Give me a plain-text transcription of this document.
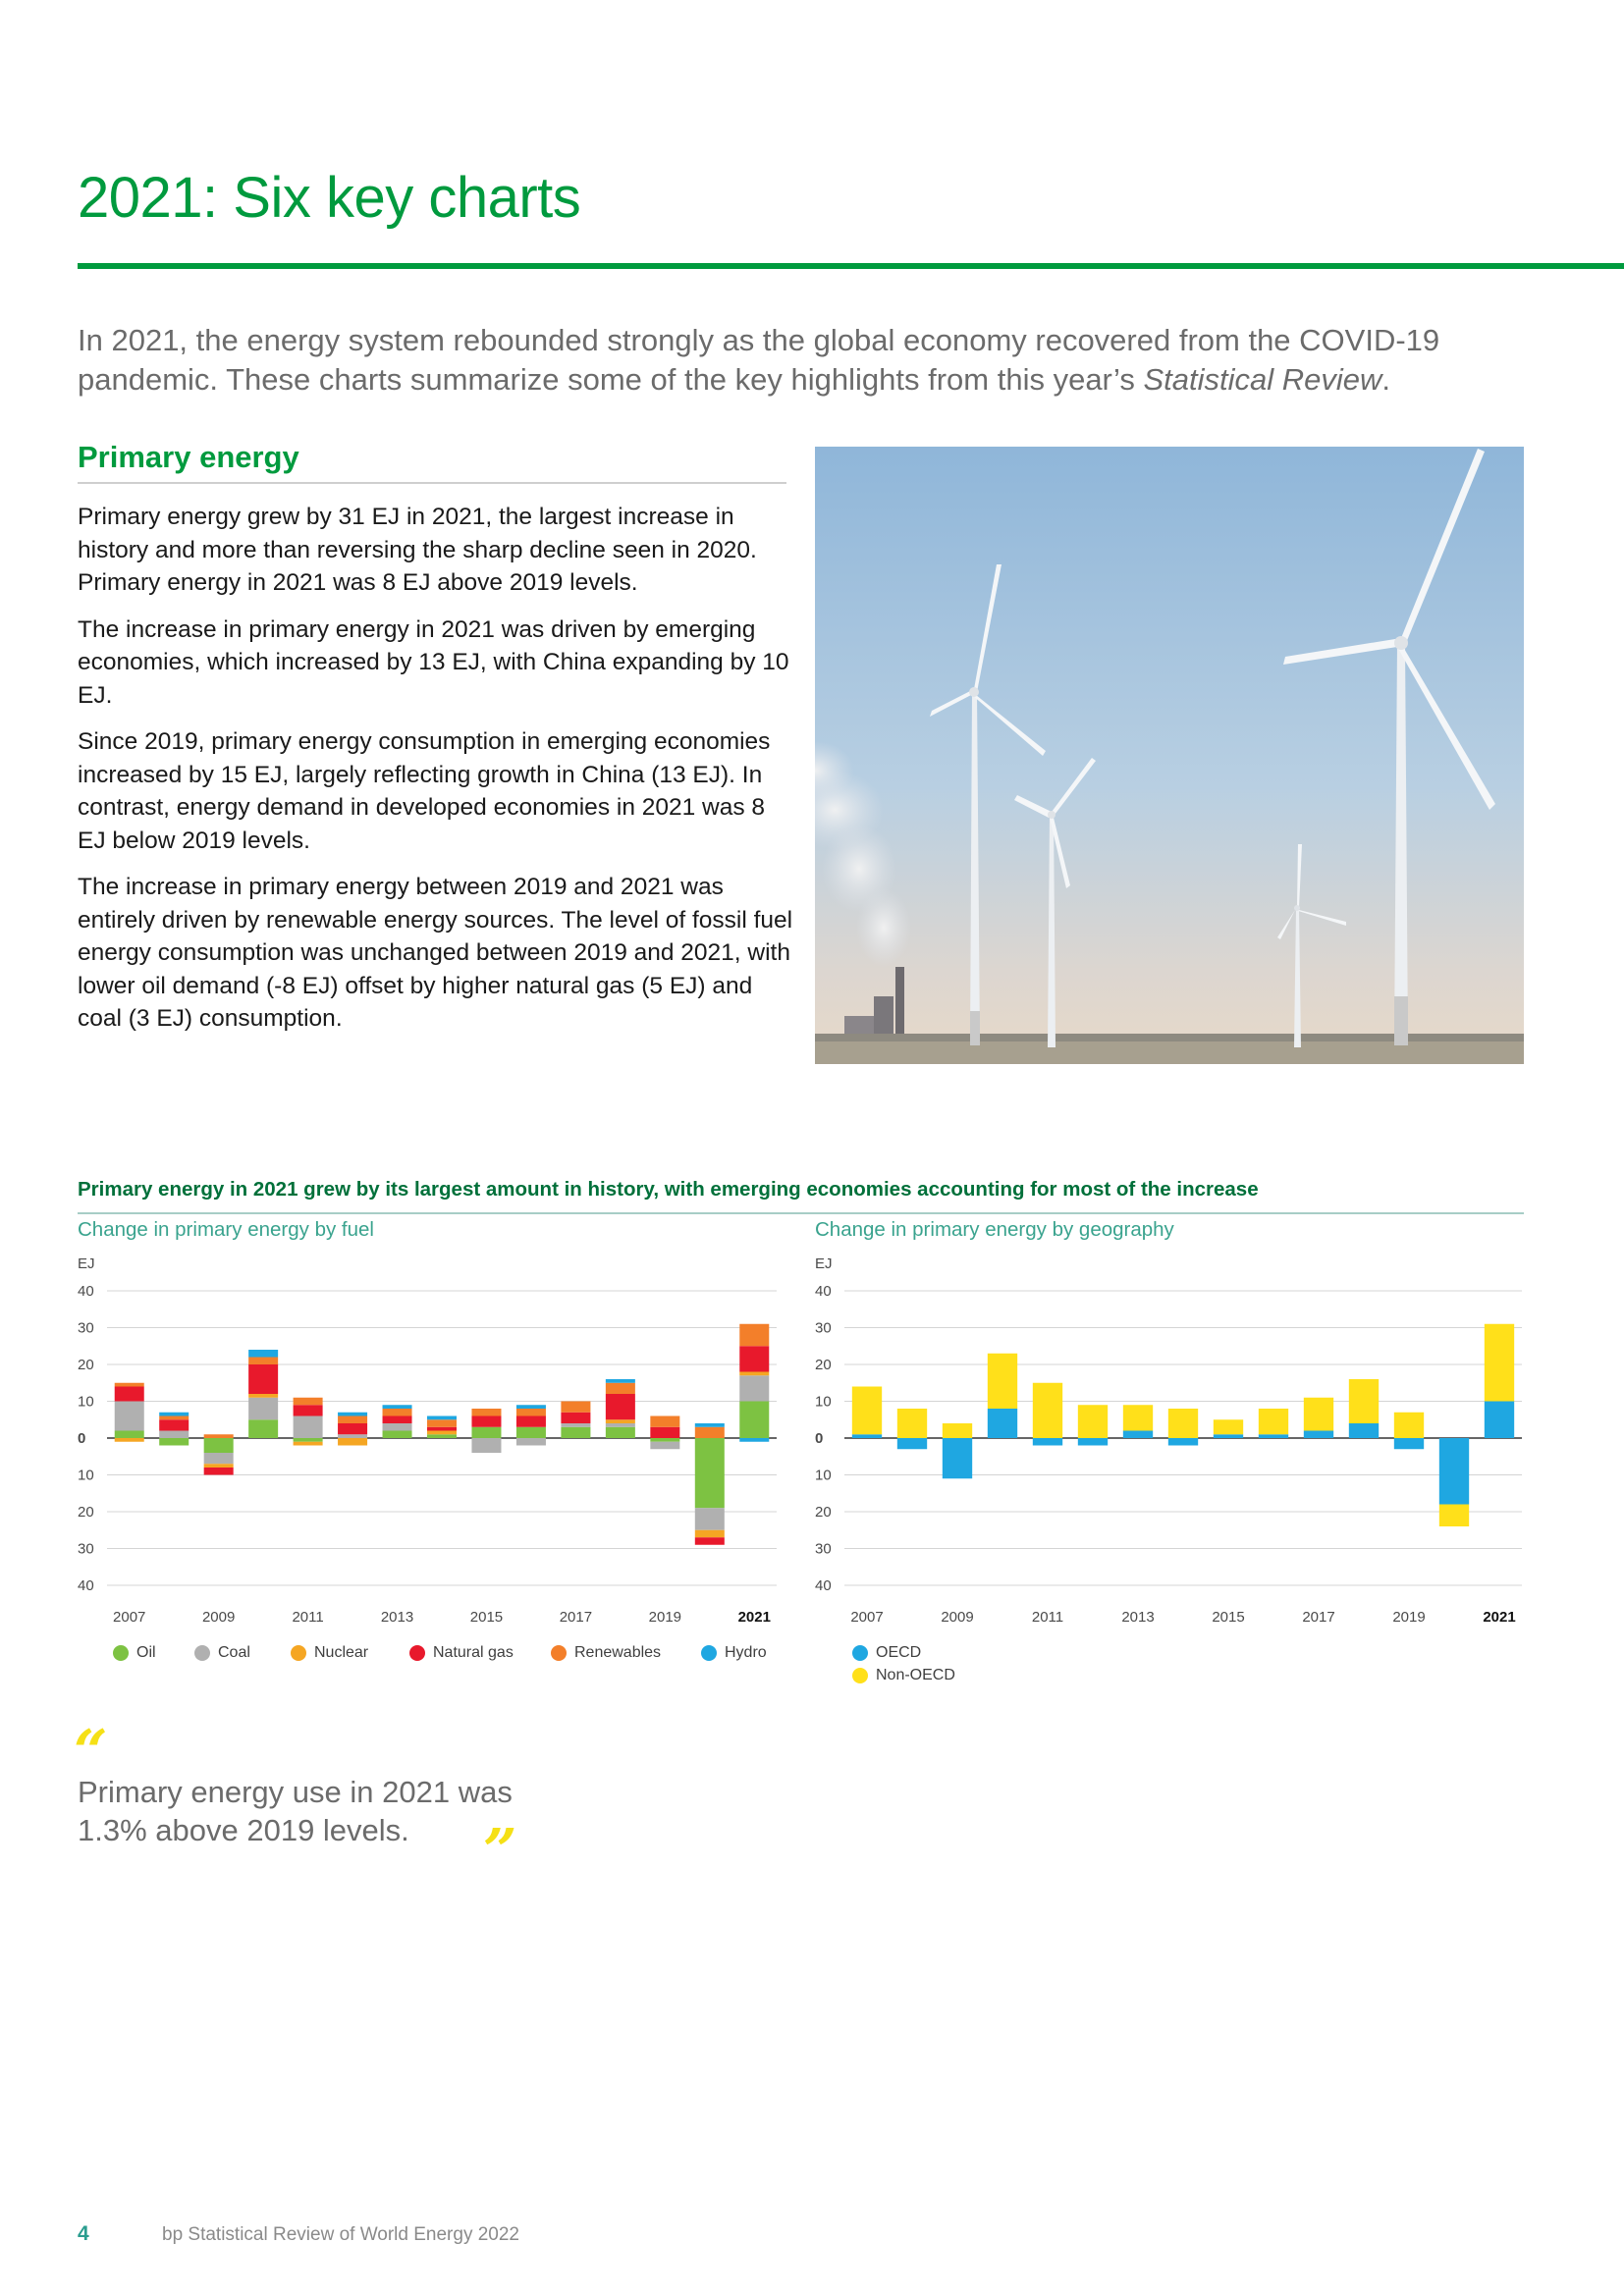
2021: Six key charts
In 2021, the energy system rebounded strongly as the global economy recovered from the COVID-19 pandemic. These charts summarize some of the key highlights from this year’s Statistical Review.
Primary energy

Primary energy grew by 31 EJ in 2021, the largest increase in history and more than reversing the sharp decline seen in 2020. Primary energy in 2021 was 8 EJ above 2019 levels.

The increase in primary energy in 2021 was driven by emerging economies, which increased by 13 EJ, with China expanding by 10 EJ.

Since 2019, primary energy consumption in emerging economies increased by 15 EJ, largely reflecting growth in China (13 EJ). In contrast, energy demand in developed economies in 2021 was 8 EJ below 2019 levels.

The increase in primary energy between 2019 and 2021 was entirely driven by renewable energy sources. The level of fossil fuel energy consumption was unchanged between 2019 and 2021, with lower oil demand (-8 EJ) offset by higher natural gas (5 EJ) and coal (3 EJ) consumption.

Primary energy in 2021 grew by its largest amount in history, with emerging economies accounting for most of the increase
Change in primary energy by fuel	Change in primary energy by geography
EJ
40
30
20
10
0
10
20
30
40
2007	2009	2011	2013	2015	2017	2019	2021
EJ
40
30
20
10
0
10
20
30
40
2007	2009	2011	2013	2015	2017	2019	2021
Oil	Coal	Nuclear	Natural gas	Renewables	Hydro	OECD
Non-OECD
“
Primary energy use in 2021 was 1.3% above 2019 levels.	”
4	bp Statistical Review of World Energy 2022
